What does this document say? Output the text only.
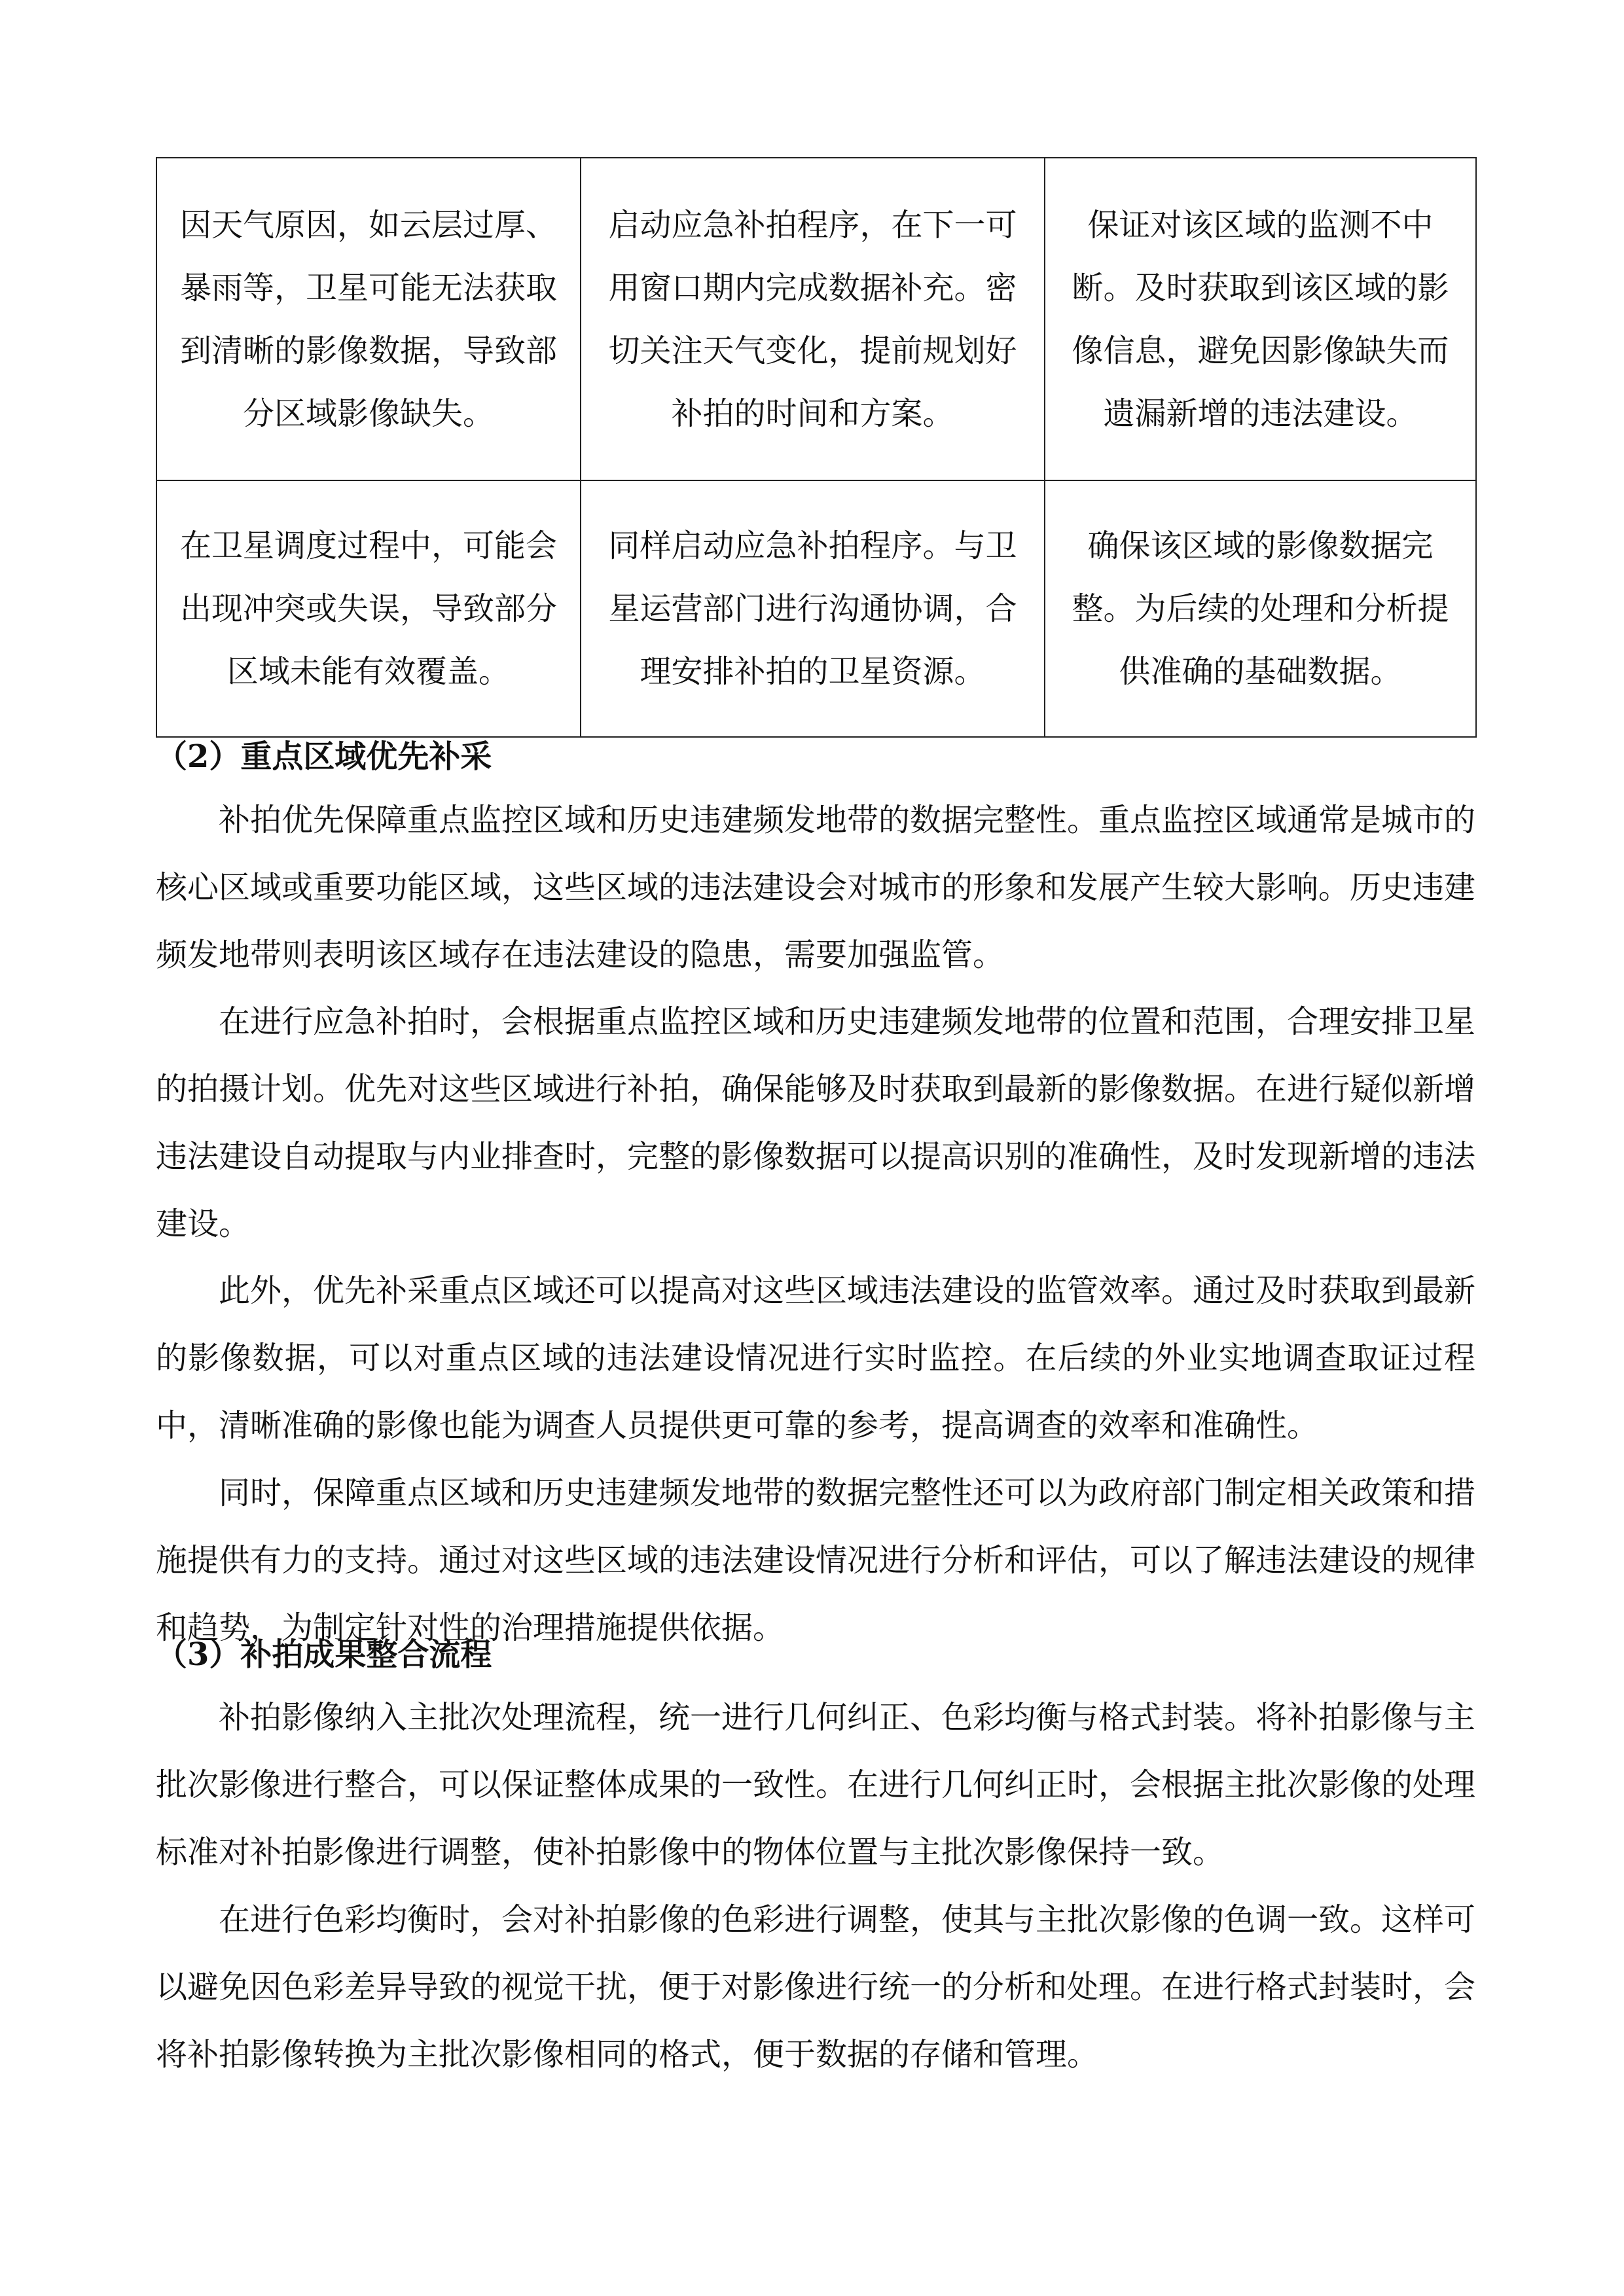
因天气原因，如云层过厚、暴雨等，卫星可能无法获取到清晰的影像数据，导致部分区域影像缺失。	启动应急补拍程序，在下一可用窗口期内完成数据补充。密切关注天气变化，提前规划好补拍的时间和方案。	保证对该区域的监测不中断。及时获取到该区域的影像信息，避免因影像缺失而遗漏新增的违法建设。
在卫星调度过程中，可能会出现冲突或失误，导致部分区域未能有效覆盖。	同样启动应急补拍程序。与卫星运营部门进行沟通协调，合理安排补拍的卫星资源。	确保该区域的影像数据完整。为后续的处理和分析提供准确的基础数据。
（2）重点区域优先补采

补拍优先保障重点监控区域和历史违建频发地带的数据完整性。重点监控区域通常是城市的核心区域或重要功能区域，这些区域的违法建设会对城市的形象和发展产生较大影响。历史违建频发地带则表明该区域存在违法建设的隐患，需要加强监管。

在进行应急补拍时，会根据重点监控区域和历史违建频发地带的位置和范围，合理安排卫星的拍摄计划。优先对这些区域进行补拍，确保能够及时获取到最新的影像数据。在进行疑似新增违法建设自动提取与内业排查时，完整的影像数据可以提高识别的准确性，及时发现新增的违法建设。

此外，优先补采重点区域还可以提高对这些区域违法建设的监管效率。通过及时获取到最新的影像数据，可以对重点区域的违法建设情况进行实时监控。在后续的外业实地调查取证过程中，清晰准确的影像也能为调查人员提供更可靠的参考，提高调查的效率和准确性。

同时，保障重点区域和历史违建频发地带的数据完整性还可以为政府部门制定相关政策和措施提供有力的支持。通过对这些区域的违法建设情况进行分析和评估，可以了解违法建设的规律和趋势，为制定针对性的治理措施提供依据。

（3）补拍成果整合流程

补拍影像纳入主批次处理流程，统一进行几何纠正、色彩均衡与格式封装。将补拍影像与主批次影像进行整合，可以保证整体成果的一致性。在进行几何纠正时，会根据主批次影像的处理标准对补拍影像进行调整，使补拍影像中的物体位置与主批次影像保持一致。

在进行色彩均衡时，会对补拍影像的色彩进行调整，使其与主批次影像的色调一致。这样可以避免因色彩差异导致的视觉干扰，便于对影像进行统一的分析和处理。在进行格式封装时，会将补拍影像转换为主批次影像相同的格式，便于数据的存储和管理。
